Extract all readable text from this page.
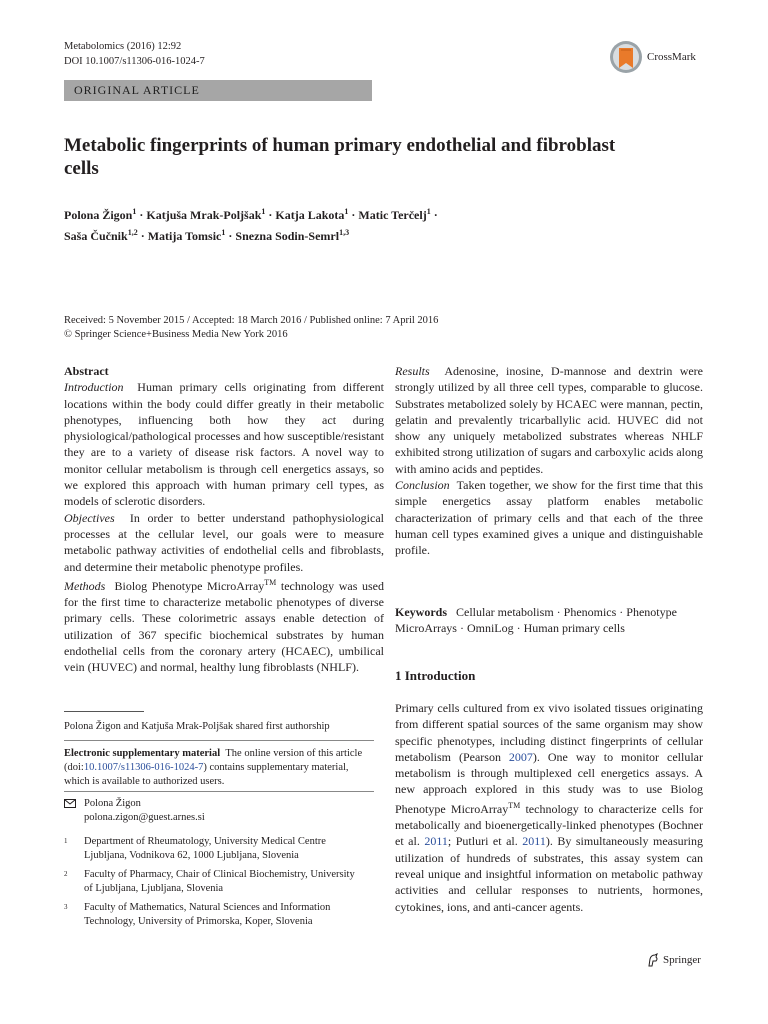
Metabolomics (2016) 12:92
DOI 10.1007/s11306-016-1024-7	CrossMark
ORIGINAL ARTICLE
Metabolic fingerprints of human primary endothelial and fibroblast cells
Polona Žigon$^1$ · Katjuša Mrak-Poljšak$^1$ · Katja Lakota$^1$ · Matic Terčelj$^1$ ·
Saša Čučnik$^{1,2}$ · Matija Tomsic$^1$ · Snezna Sodin-Semrl$^{1,3}$
Received: 5 November 2015 / Accepted: 18 March 2016 / Published online: 7 April 2016
© Springer Science+Business Media New York 2016

Abstract

Introduction Human primary cells originating from different locations within the body could differ greatly in their metabolic phenotypes, influencing both how they act during physiological/pathological processes and how susceptible/resistant they are to a variety of disease risk factors. A novel way to monitor cellular metabolism is through cell energetics assays, so we explored this approach with human primary cell types, as models of sclerotic disorders.

Objectives In order to better understand pathophysiological processes at the cellular level, our goals were to measure metabolic pathway activities of endothelial cells and fibroblasts, and determine their metabolic phenotype profiles.

Methods Biolog Phenotype MicroArray™ technology was used for the first time to characterize metabolic phenotypes of diverse primary cells. These colorimetric assays enable detection of utilization of 367 specific biochemical substrates by human endothelial cells from the coronary artery (HCAEC), umbilical vein (HUVEC) and normal, healthy lung fibroblasts (NHLF).

Results Adenosine, inosine, D-mannose and dextrin were strongly utilized by all three cell types, comparable to glucose. Substrates metabolized solely by HCAEC were mannan, pectin, gelatin and prevalently tricarballylic acid. HUVEC did not show any uniquely metabolized substrates whereas NHLF exhibited strong utilization of sugars and carboxylic acids along with amino acids and peptides.

Conclusion Taken together, we show for the first time that this simple energetics assay platform enables metabolic characterization of primary cells and that each of the three human cell types examined gives a unique and distinguishable profile.

Keywords Cellular metabolism · Phenomics · Phenotype MicroArrays · OmniLog · Human primary cells
1 Introduction

Primary cells cultured from ex vivo isolated tissues originating from different spatial sources of the same organism may show specific phenotypes, including distinct fingerprints of cellular metabolism (Pearson 2007). One way to monitor cellular metabolism is through multiplexed cell energetics assays. A new approach explored in this study was to use Biolog Phenotype MicroArray™ technology to characterize cells for metabolically and bioenergetically-linked phenotypes (Bochner et al. 2011; Putluri et al. 2011). By simultaneously measuring utilization of hundreds of substrates, this assay system can reveal unique and insightful information on metabolic pathway activities and cellular responses to nutrients, hormones, cytokines, ions, and anti-cancer agents.

Polona Žigon and Katjuša Mrak-Poljšak shared first authorship
Electronic supplementary material The online version of this article (doi:10.1007/s11306-016-1024-7) contains supplementary material, which is available to authorized users.
Polona Žigon
polona.zigon@guest.arnes.si
1 Department of Rheumatology, University Medical Centre Ljubljana, Vodnikova 62, 1000 Ljubljana, Slovenia
2 Faculty of Pharmacy, Chair of Clinical Biochemistry, University of Ljubljana, Ljubljana, Slovenia
3 Faculty of Mathematics, Natural Sciences and Information Technology, University of Primorska, Koper, Slovenia
Springer
